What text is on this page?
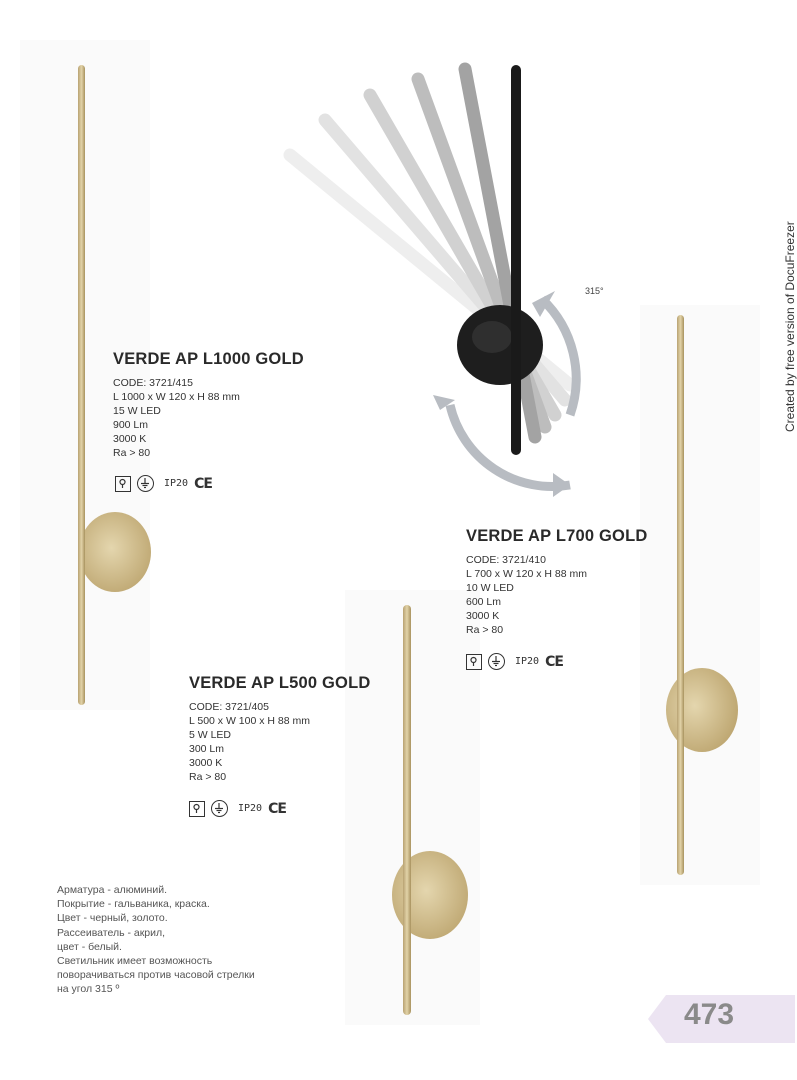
315°
VERDE AP L1000 GOLD
CODE: 3721/415
L 1000 x W 120 x H 88 mm
15 W LED
900 Lm
3000 K
Ra > 80
IP20 CE
VERDE AP L700 GOLD
CODE: 3721/410
L 700 x W 120 x H 88 mm
10 W LED
600 Lm
3000 K
Ra > 80
IP20 CE
VERDE AP L500 GOLD
CODE: 3721/405
L 500 x W 100 x H 88 mm
5 W LED
300 Lm
3000 K
Ra > 80
IP20 CE
Арматура - алюминий.
Покрытие - гальваника, краска.
Цвет - черный, золото.
Рассеиватель - акрил,
цвет - белый.
Светильник имеет возможность
поворачиваться против часовой стрелки
на угол 315 º
473
Created by free version of DocuFreezer
